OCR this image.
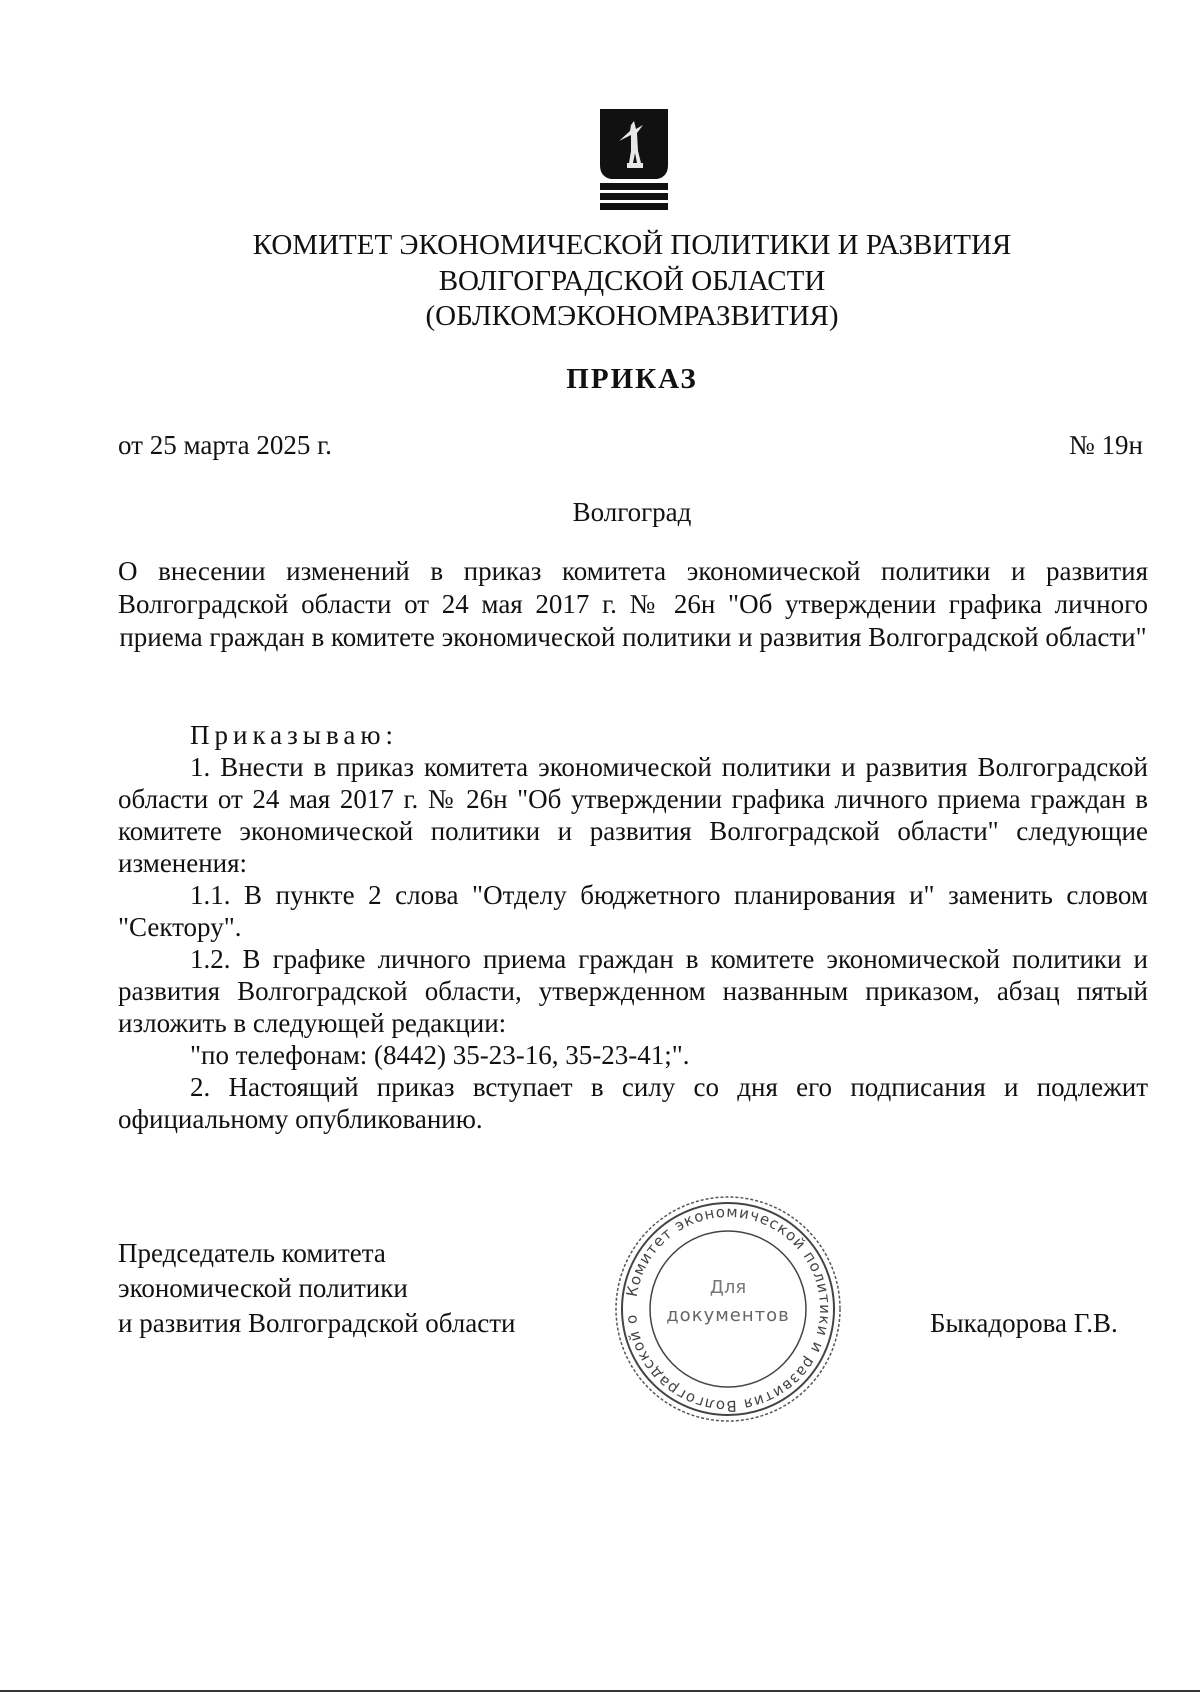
КОМИТЕТ ЭКОНОМИЧЕСКОЙ ПОЛИТИКИ И РАЗВИТИЯ
ВОЛГОГРАДСКОЙ ОБЛАСТИ
(ОБЛКОМЭКОНОМРАЗВИТИЯ)
ПРИКАЗ
от 25 марта 2025 г.	№ 19н
Волгоград
О внесении изменений в приказ комитета экономической политики и развития Волгоградской области от 24 мая 2017 г. № 26н "Об утверждении графика личного приема граждан в комитете экономической политики и развития Волгоградской области"

Приказываю:

1. Внести в приказ комитета экономической политики и развития Волгоградской области от 24 мая 2017 г. № 26н "Об утверждении графика личного приема граждан в комитете экономической политики и развития Волгоградской области" следующие изменения:

1.1. В пункте 2 слова "Отделу бюджетного планирования и" заменить словом "Сектору".

1.2. В графике личного приема граждан в комитете экономической политики и развития Волгоградской области, утвержденном названным приказом, абзац пятый изложить в следующей редакции:

"по телефонам: (8442) 35-23-16, 35-23-41;".

2. Настоящий приказ вступает в силу со дня его подписания и подлежит официальному опубликованию.

Председатель комитета
экономической политики
и развития Волгоградской области
Комитет экономической политики и развития Волгоградской о
Для
документов	Быкадорова Г.В.
